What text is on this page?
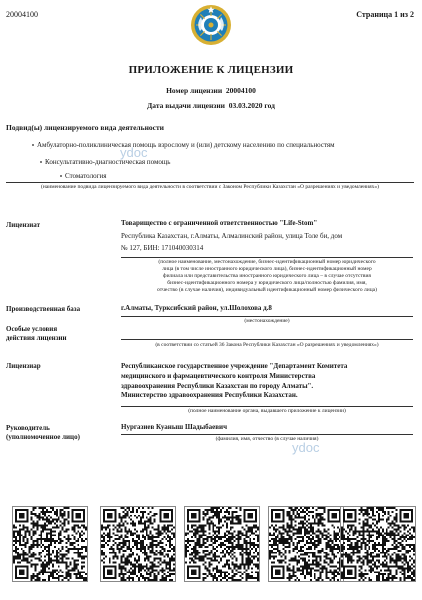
20004100	Страница 1 из 2
ПРИЛОЖЕНИЕ К ЛИЦЕНЗИИ
Номер лицензии 20004100
Дата выдачи лицензии 03.03.2020 год
Подвид(ы) лицензируемого вида деятельности
Амбулаторно-поликлиническая помощь взрослому и (или) детскому населению по специальностям
Консультативно-диагностическая помощь
Стоматология
(наименование подвида лицензируемого вида деятельности в соответствии с Законом Республики Казахстан «О разрешениях и уведомлениях»)
Лицензиат	Товарищество с ограниченной ответственностью "Life-Stom"
Республика Казахстан, г.Алматы, Алмалинский район, улица Толе би, дом
№ 127, БИН: 171040030314
(полное наименование, местонахождение, бизнес-идентификационный номер юридического
лица (в том числе иностранного юридического лица), бизнес-идентификационный номер
филиала или представительства иностранного юридического лица – в случае отсутствия
бизнес-идентификационного номера у юридического лица/полностью фамилия, имя,
отчество (в случае наличия), индивидуальный идентификационный номер физического лица)
Производственная база	г.Алматы, Турксибский район, ул.Шолохова д.8
(местонахождение)
Особые условия
действия лицензии
(в соответствии со статьей 36 Закона Республики Казахстан «О разрешениях и уведомлениях»)
Лицензиар	Республиканское государственное учреждение "Департамент Комитета
медицинского и фармацевтического контроля Министерства
здравоохранения Республики Казахстан по городу Алматы".
Министерство здравоохранения Республики Казахстан.
(полное наименование органа, выдавшего приложение к лицензии)
Руководитель
(уполномоченное лицо)
Нургазиев Куаныш Шадыбаевич
(фамилия, имя, отчество (в случае наличия)
ydoc
ydoc
